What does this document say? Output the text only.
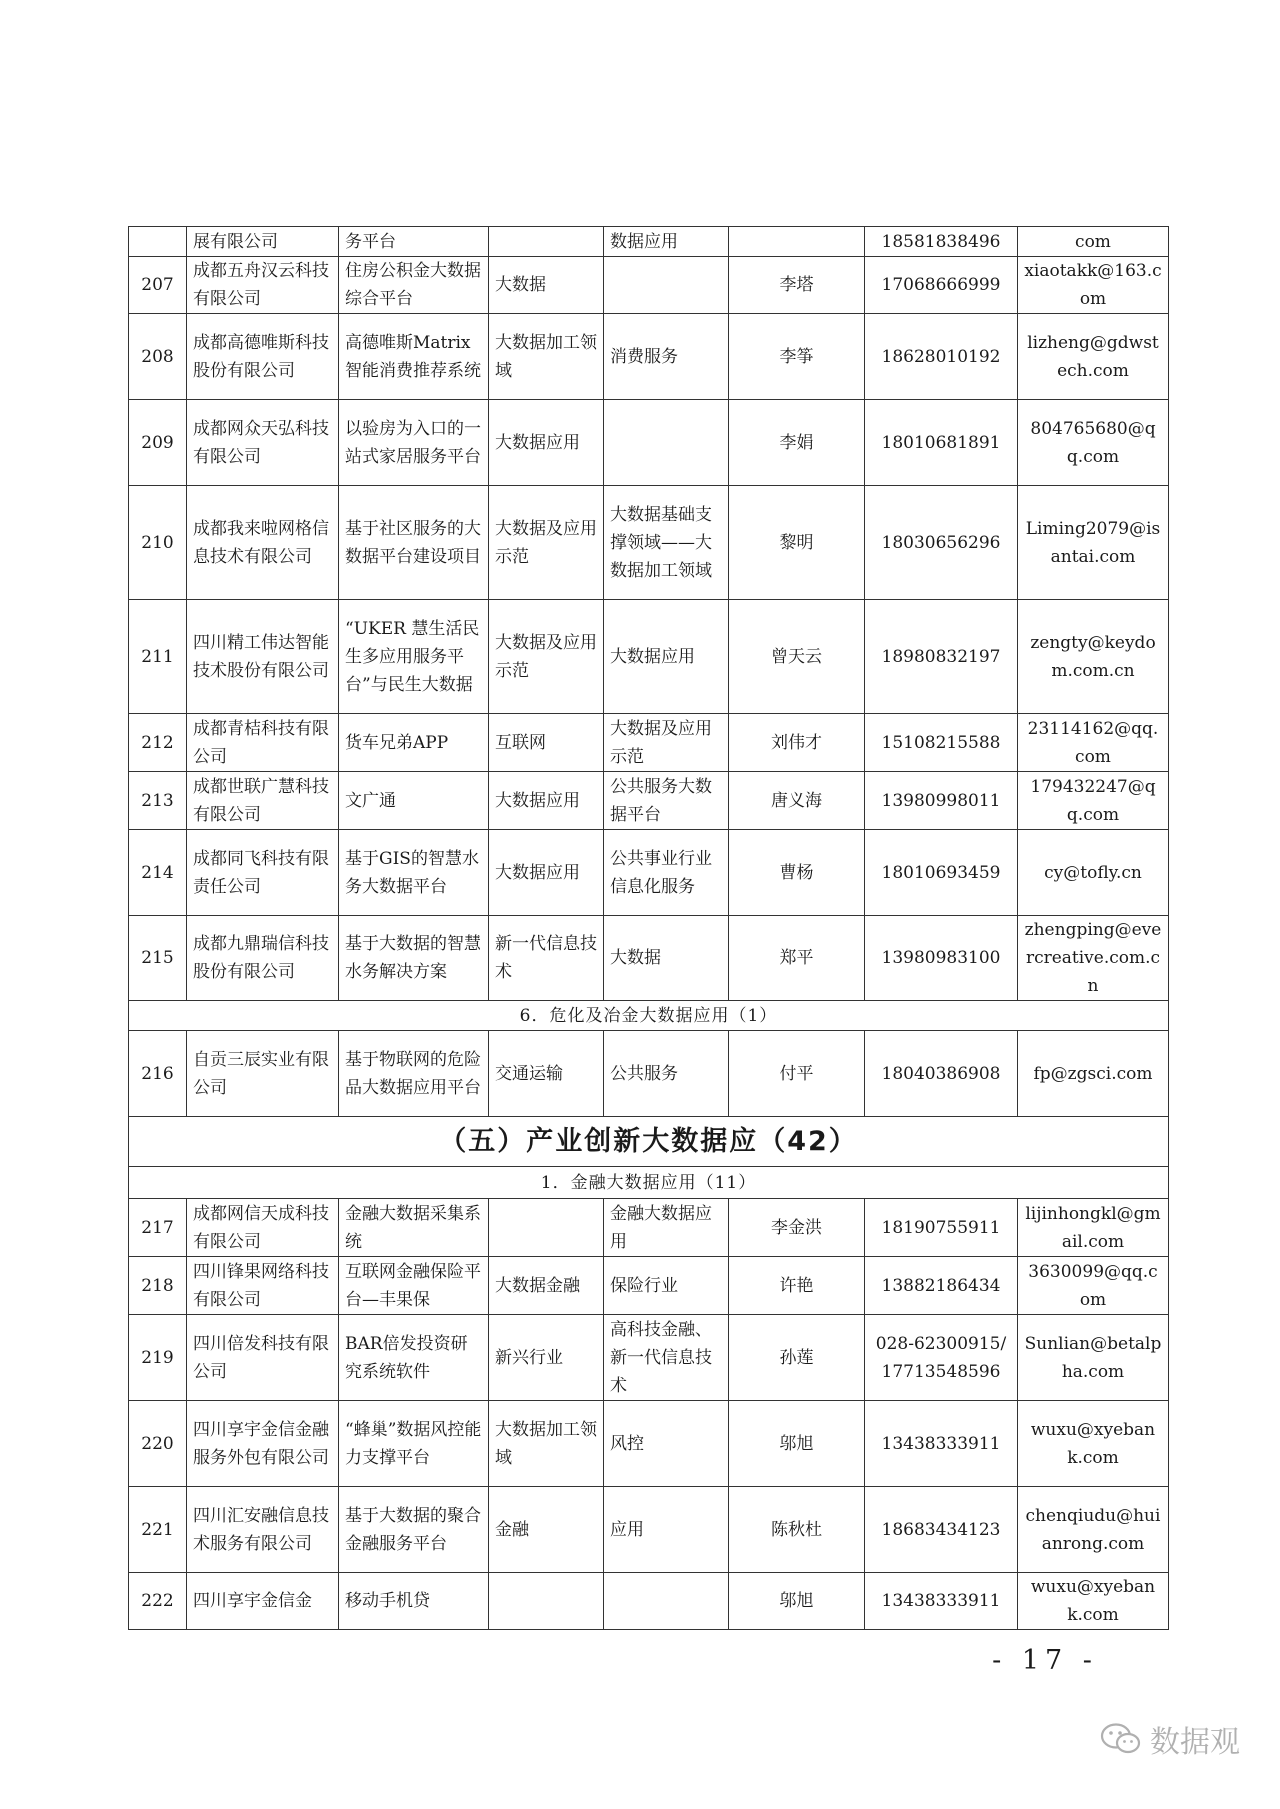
	展有限公司	务平台		数据应用		18581838496	com
207	成都五舟汉云科技有限公司	住房公积金大数据综合平台	大数据		李塔	17068666999	xiaotakk@163.com
208	成都高德唯斯科技股份有限公司	高德唯斯Matrix智能消费推荐系统	大数据加工领域	消费服务	李筝	18628010192	lizheng@gdwstech.com
209	成都网众天弘科技有限公司	以验房为入口的一站式家居服务平台	大数据应用		李娟	18010681891	804765680@qq.com
210	成都我来啦网格信息技术有限公司	基于社区服务的大数据平台建设项目	大数据及应用示范	大数据基础支撑领域——大数据加工领域	黎明	18030656296	Liming2079@isantai.com
211	四川精工伟达智能技术股份有限公司	“UKER 慧生活民生多应用服务平台”与民生大数据	大数据及应用示范	大数据应用	曾天云	18980832197	zengty@keydom.com.cn
212	成都青桔科技有限公司	货车兄弟APP	互联网	大数据及应用示范	刘伟才	15108215588	23114162@qq.com
213	成都世联广慧科技有限公司	文广通	大数据应用	公共服务大数据平台	唐义海	13980998011	179432247@qq.com
214	成都同飞科技有限责任公司	基于GIS的智慧水务大数据平台	大数据应用	公共事业行业信息化服务	曹杨	18010693459	cy@tofly.cn
215	成都九鼎瑞信科技股份有限公司	基于大数据的智慧水务解决方案	新一代信息技术	大数据	郑平	13980983100	zhengping@evercreative.com.cn
6．危化及冶金大数据应用（1）							
216	自贡三辰实业有限公司	基于物联网的危险品大数据应用平台	交通运输	公共服务	付平	18040386908	fp@zgsci.com
（五）产业创新大数据应（42）							
1．金融大数据应用（11）							
217	成都网信天成科技有限公司	金融大数据采集系统		金融大数据应用	李金洪	18190755911	lijinhongkl@gmail.com
218	四川锋果网络科技有限公司	互联网金融保险平台—丰果保	大数据金融	保险行业	许艳	13882186434	3630099@qq.com
219	四川倍发科技有限公司	BAR倍发投资研究系统软件	新兴行业	高科技金融、新一代信息技术	孙莲	028-62300915/17713548596	Sunlian@betalpha.com
220	四川享宇金信金融服务外包有限公司	“蜂巢”数据风控能力支撑平台	大数据加工领域	风控	邬旭	13438333911	wuxu@xyebank.com
221	四川汇安融信息技术服务有限公司	基于大数据的聚合金融服务平台	金融	应用	陈秋杜	18683434123	chenqiudu@huianrong.com
222	四川享宇金信金	移动手机贷			邬旭	13438333911	wuxu@xyebank.com
- 17 -
数据观
